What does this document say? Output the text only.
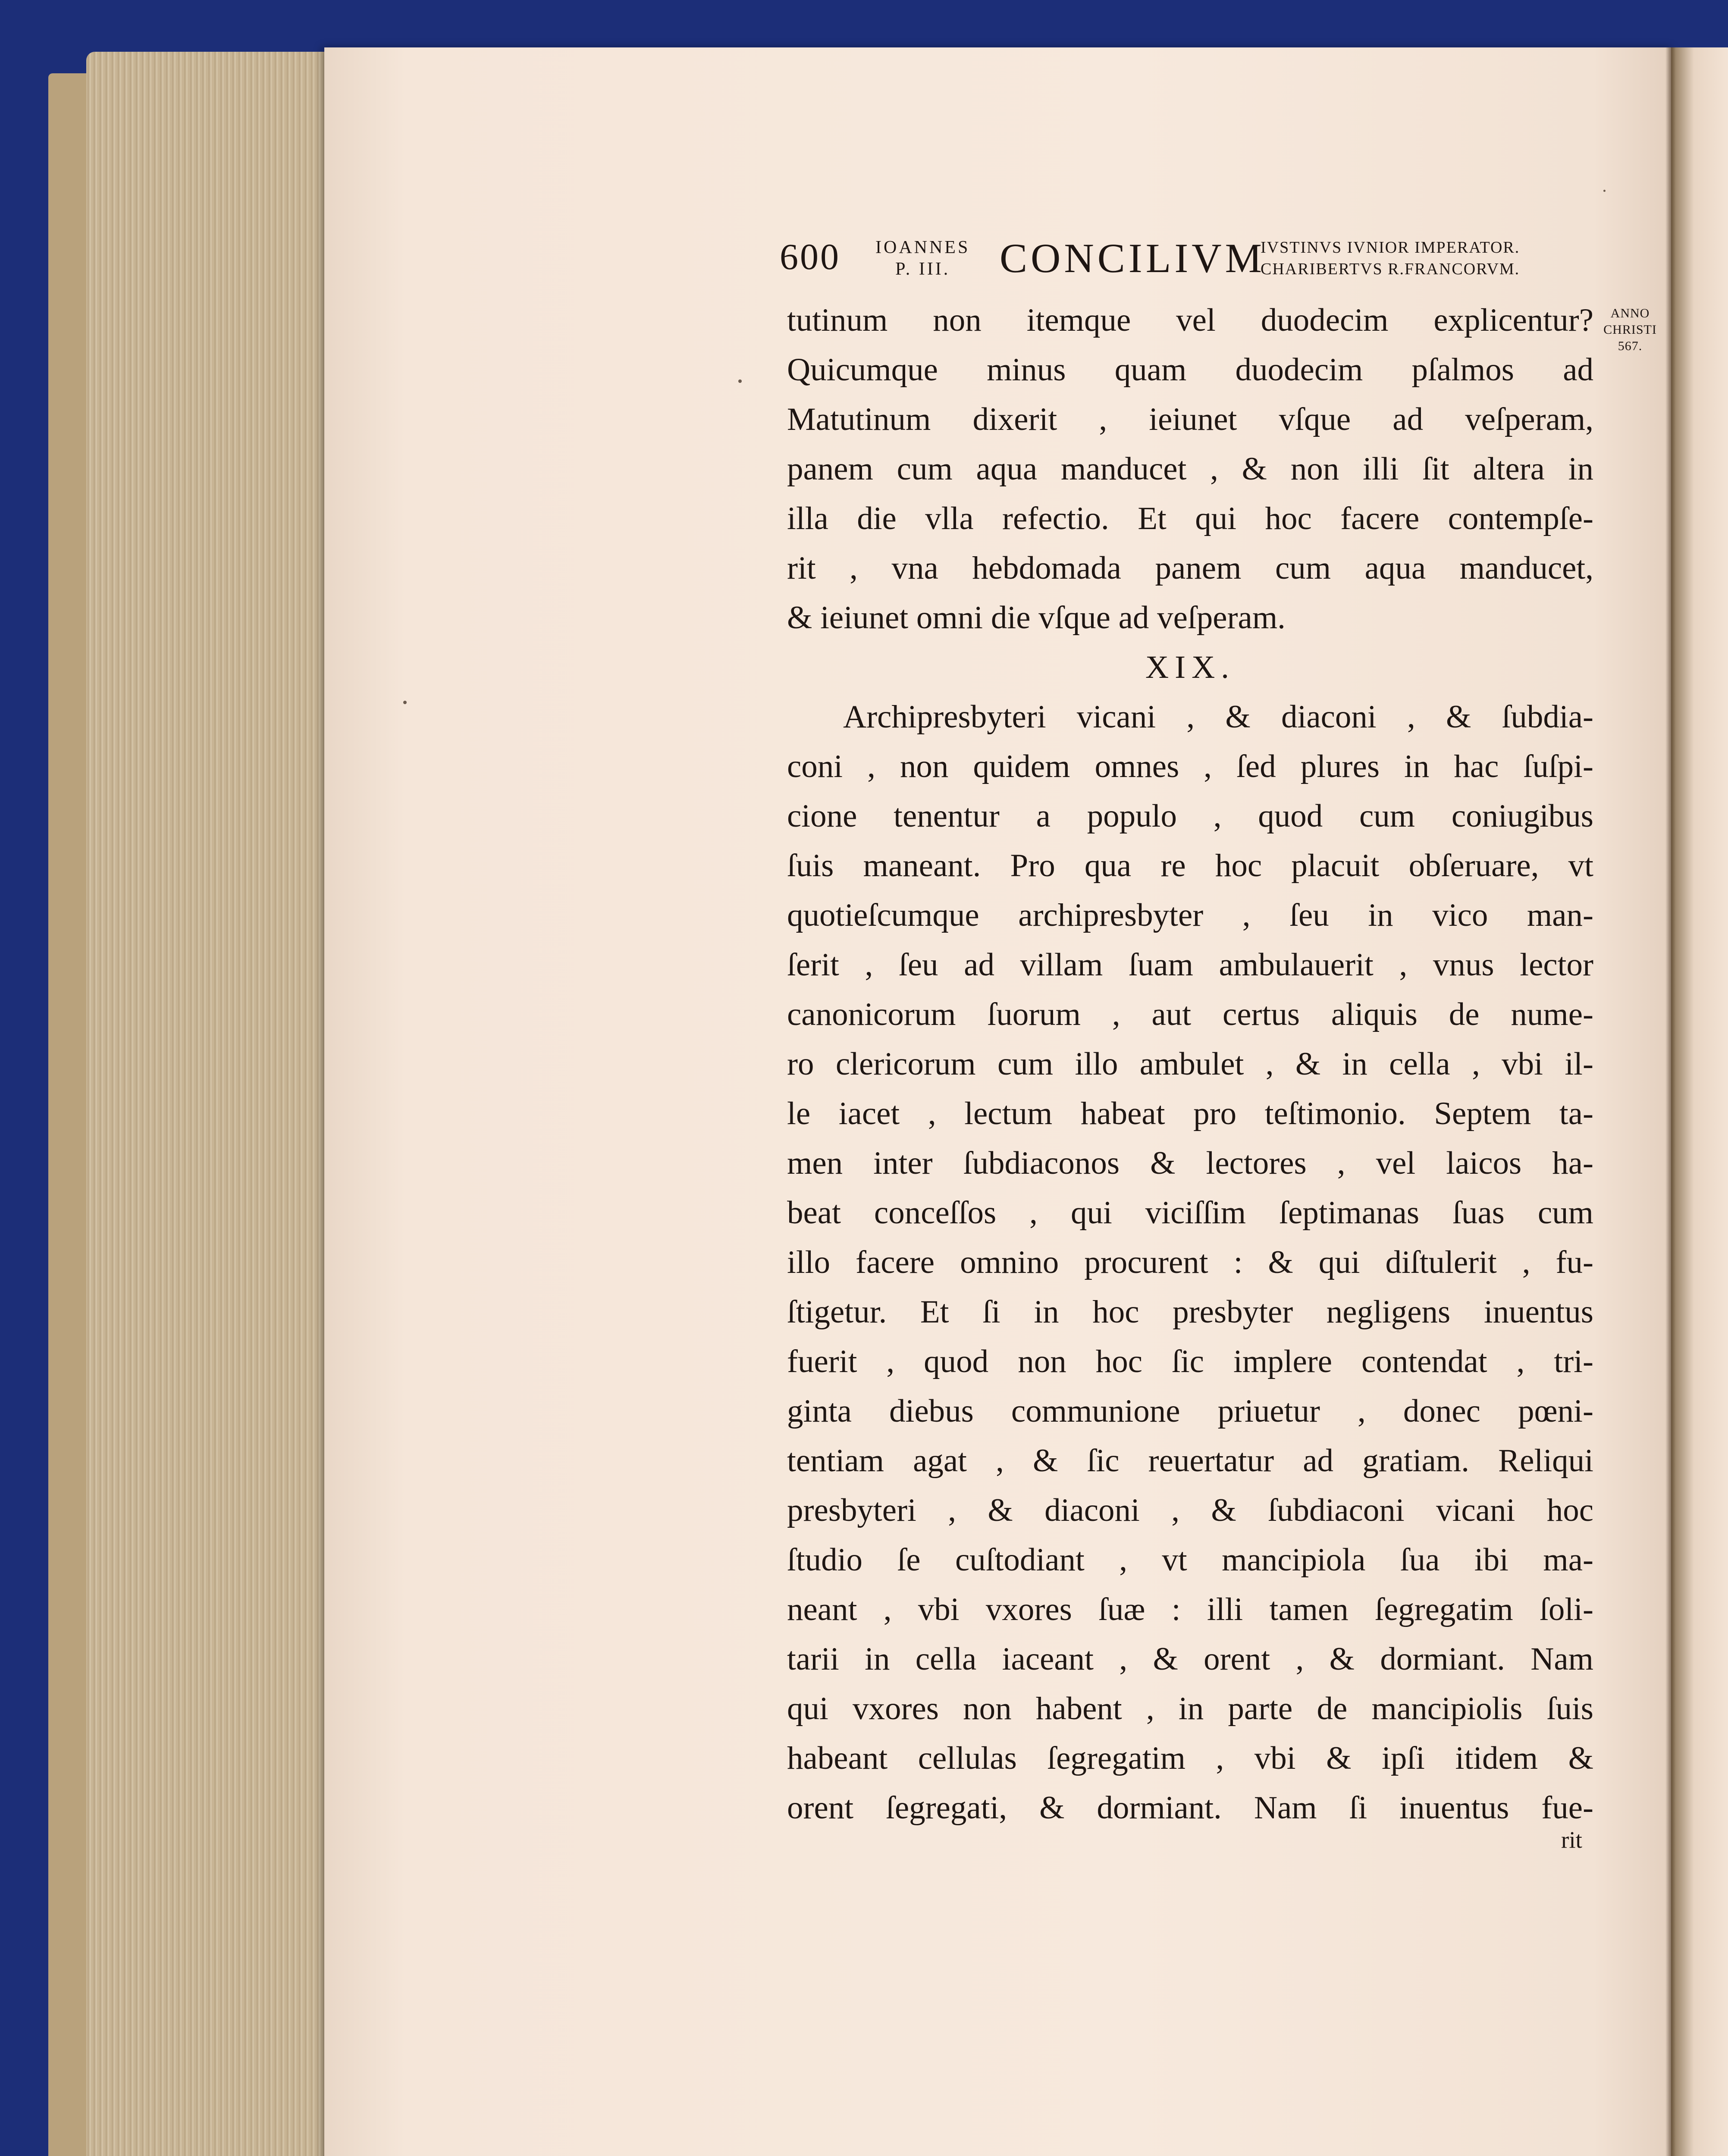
600 IOANNES
P. III.	CONCILIVM
IVSTINVS IVNIOR IMPERATOR.
CHARIBERTVS R.FRANCORVM.
ANNO
CHRISTI
567.
tutinum non itemque vel duodecim explicentur?
Quicumque minus quam duodecim pſalmos ad
Matutinum dixerit , ieiunet vſque ad veſperam,
panem cum aqua manducet , & non illi ſit altera in
illa die vlla refectio. Et qui hoc facere contempſe-
rit , vna hebdomada panem cum aqua manducet,
& ieiunet omni die vſque ad veſperam.
XIX.
Archipresbyteri vicani , & diaconi , & ſubdia-
coni , non quidem omnes , ſed plures in hac ſuſpi-
cione tenentur a populo , quod cum coniugibus
ſuis maneant. Pro qua re hoc placuit obſeruare, vt
quotieſcumque archipresbyter , ſeu in vico man-
ſerit , ſeu ad villam ſuam ambulauerit , vnus lector
canonicorum ſuorum , aut certus aliquis de nume-
ro clericorum cum illo ambulet , & in cella , vbi il-
le iacet , lectum habeat pro teſtimonio. Septem ta-
men inter ſubdiaconos & lectores , vel laicos ha-
beat conceſſos , qui viciſſim ſeptimanas ſuas cum
illo facere omnino procurent : & qui diſtulerit , fu-
ſtigetur. Et ſi in hoc presbyter negligens inuentus
fuerit , quod non hoc ſic implere contendat , tri-
ginta diebus communione priuetur , donec pœni-
tentiam agat , & ſic reuertatur ad gratiam. Reliqui
presbyteri , & diaconi , & ſubdiaconi vicani hoc
ſtudio ſe cuſtodiant , vt mancipiola ſua ibi ma-
neant , vbi vxores ſuæ : illi tamen ſegregatim ſoli-
tarii in cella iaceant , & orent , & dormiant. Nam
qui vxores non habent , in parte de mancipiolis ſuis
habeant cellulas ſegregatim , vbi & ipſi itidem &
orent ſegregati, & dormiant. Nam ſi inuentus fue-
rit
